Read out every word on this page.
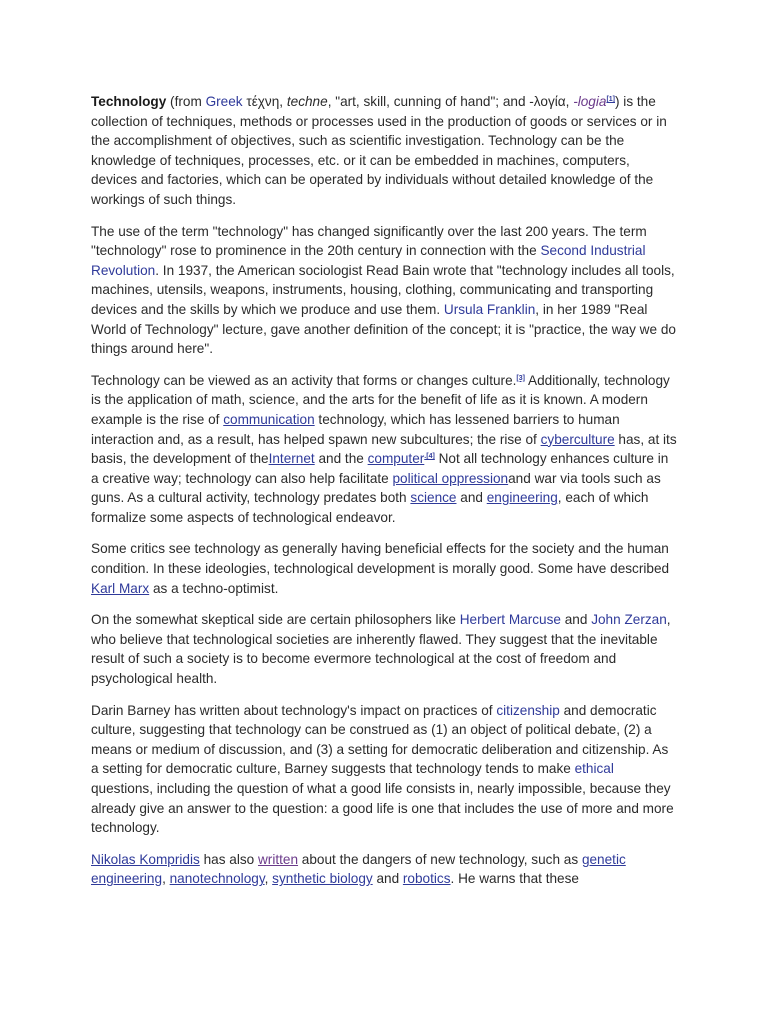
Technology (from Greek τέχνη, techne, "art, skill, cunning of hand"; and -λογία, -logia[1]) is the collection of techniques, methods or processes used in the production of goods or services or in the accomplishment of objectives, such as scientific investigation. Technology can be the knowledge of techniques, processes, etc. or it can be embedded in machines, computers, devices and factories, which can be operated by individuals without detailed knowledge of the workings of such things.

The use of the term "technology" has changed significantly over the last 200 years. The term "technology" rose to prominence in the 20th century in connection with the Second Industrial Revolution. In 1937, the American sociologist Read Bain wrote that "technology includes all tools, machines, utensils, weapons, instruments, housing, clothing, communicating and transporting devices and the skills by which we produce and use them. Ursula Franklin, in her 1989 "Real World of Technology" lecture, gave another definition of the concept; it is "practice, the way we do things around here".

Technology can be viewed as an activity that forms or changes culture.[3] Additionally, technology is the application of math, science, and the arts for the benefit of life as it is known. A modern example is the rise of communication technology, which has lessened barriers to human interaction and, as a result, has helped spawn new subcultures; the rise of cyberculture has, at its basis, the development of theInternet and the computer$^{.[4]}$ Not all technology enhances culture in a creative way; technology can also help facilitate political oppressionand war via tools such as guns. As a cultural activity, technology predates both science and engineering, each of which formalize some aspects of technological endeavor.

Some critics see technology as generally having beneficial effects for the society and the human condition. In these ideologies, technological development is morally good. Some have described Karl Marx as a techno-optimist.

On the somewhat skeptical side are certain philosophers like Herbert Marcuse and John Zerzan, who believe that technological societies are inherently flawed. They suggest that the inevitable result of such a society is to become evermore technological at the cost of freedom and psychological health.

Darin Barney has written about technology's impact on practices of citizenship and democratic culture, suggesting that technology can be construed as (1) an object of political debate, (2) a means or medium of discussion, and (3) a setting for democratic deliberation and citizenship. As a setting for democratic culture, Barney suggests that technology tends to make ethical questions, including the question of what a good life consists in, nearly impossible, because they already give an answer to the question: a good life is one that includes the use of more and more technology.

Nikolas Kompridis has also written about the dangers of new technology, such as genetic engineering, nanotechnology, synthetic biology and robotics. He warns that these
